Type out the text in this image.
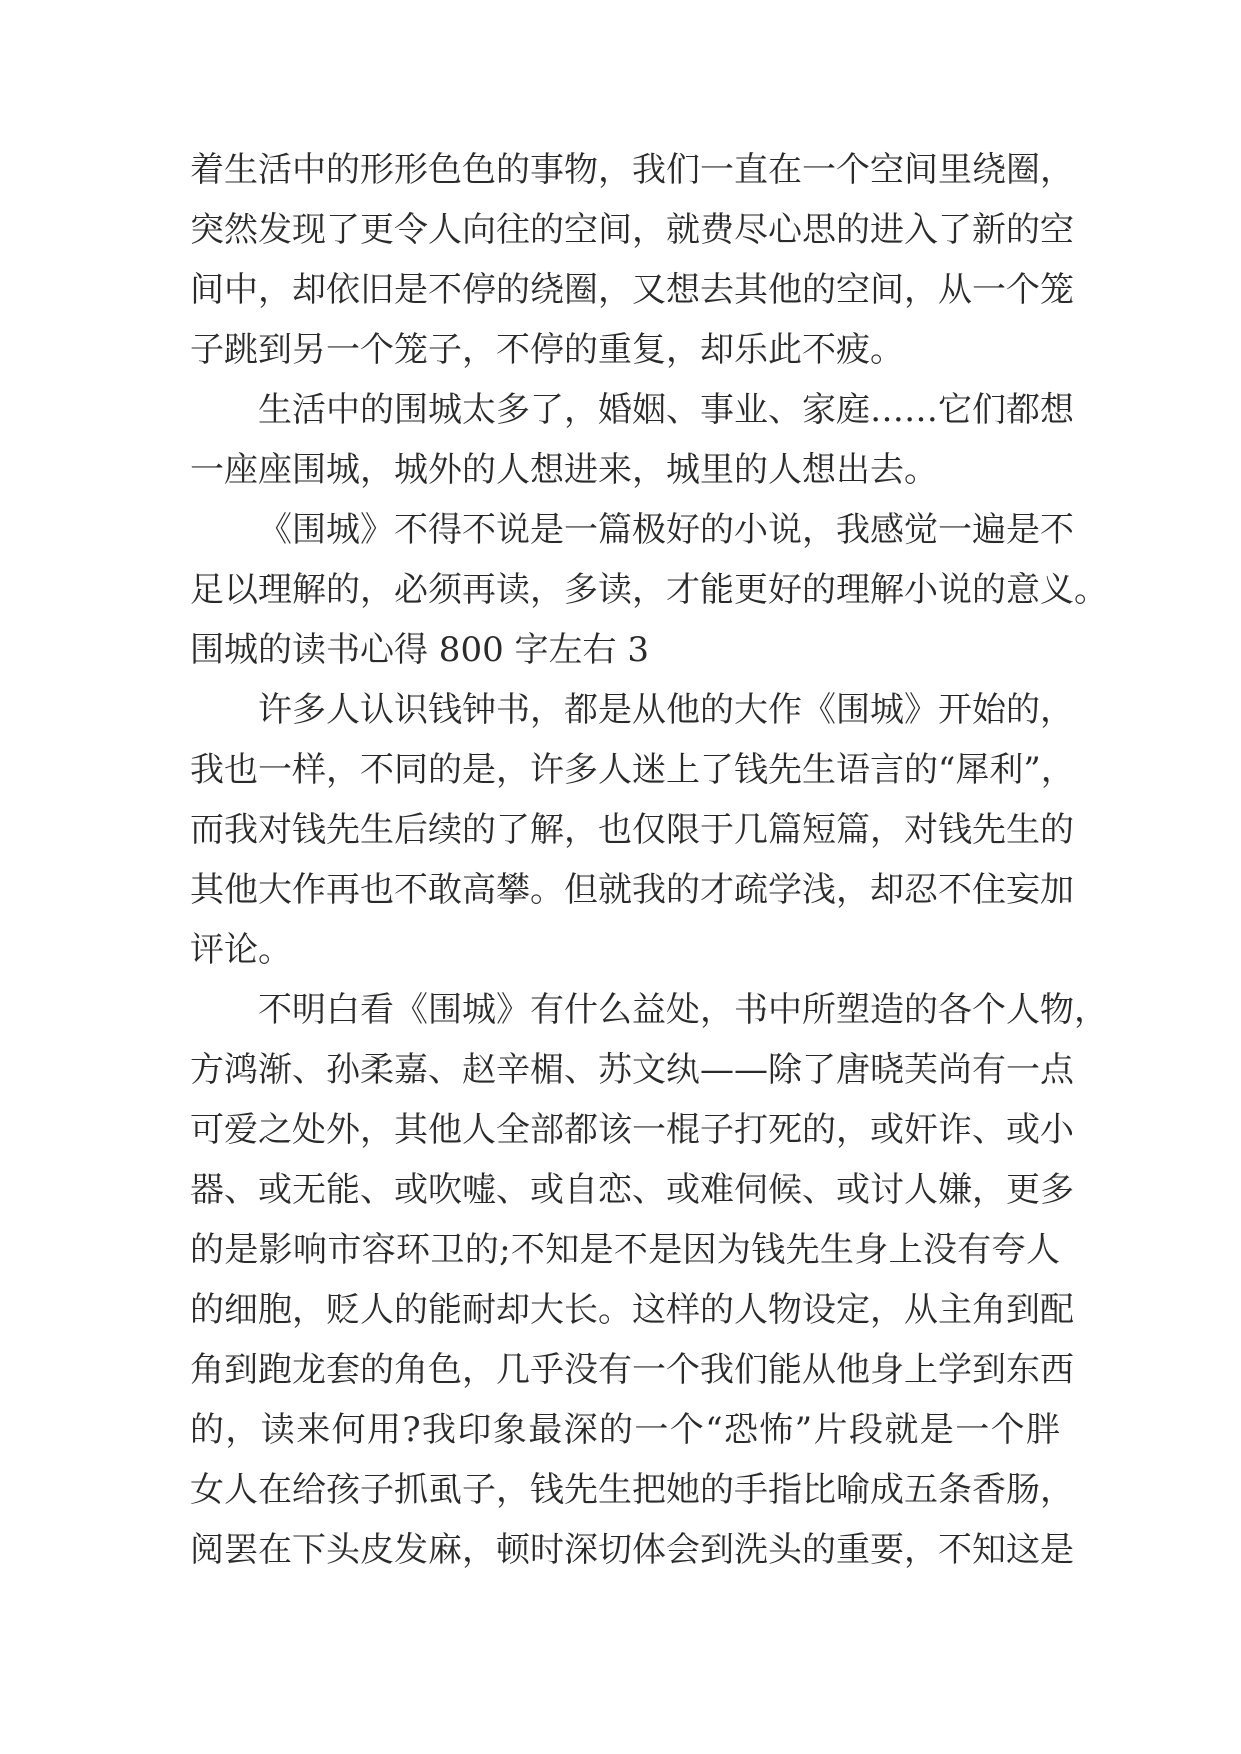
着生活中的形形色色的事物，我们一直在一个空间里绕圈，
突然发现了更令人向往的空间，就费尽心思的进入了新的空
间中，却依旧是不停的绕圈，又想去其他的空间，从一个笼
子跳到另一个笼子，不停的重复，却乐此不疲。
生活中的围城太多了，婚姻、事业、家庭……它们都想
一座座围城，城外的人想进来，城里的人想出去。
《围城》不得不说是一篇极好的小说，我感觉一遍是不
足以理解的，必须再读，多读，才能更好的理解小说的意义。
围城的读书心得 800 字左右 3
许多人认识钱钟书，都是从他的大作《围城》开始的，
我也一样，不同的是，许多人迷上了钱先生语言的“犀利”，
而我对钱先生后续的了解，也仅限于几篇短篇，对钱先生的
其他大作再也不敢高攀。但就我的才疏学浅，却忍不住妄加
评论。
不明白看《围城》有什么益处，书中所塑造的各个人物，
方鸿渐、孙柔嘉、赵辛楣、苏文纨——除了唐晓芙尚有一点
可爱之处外，其他人全部都该一棍子打死的，或奸诈、或小
器、或无能、或吹嘘、或自恋、或难伺候、或讨人嫌，更多
的是影响市容环卫的;不知是不是因为钱先生身上没有夸人
的细胞，贬人的能耐却大长。这样的人物设定，从主角到配
角到跑龙套的角色，几乎没有一个我们能从他身上学到东西
的，读来何用?我印象最深的一个“恐怖”片段就是一个胖
女人在给孩子抓虱子，钱先生把她的手指比喻成五条香肠，
阅罢在下头皮发麻，顿时深切体会到洗头的重要，不知这是
